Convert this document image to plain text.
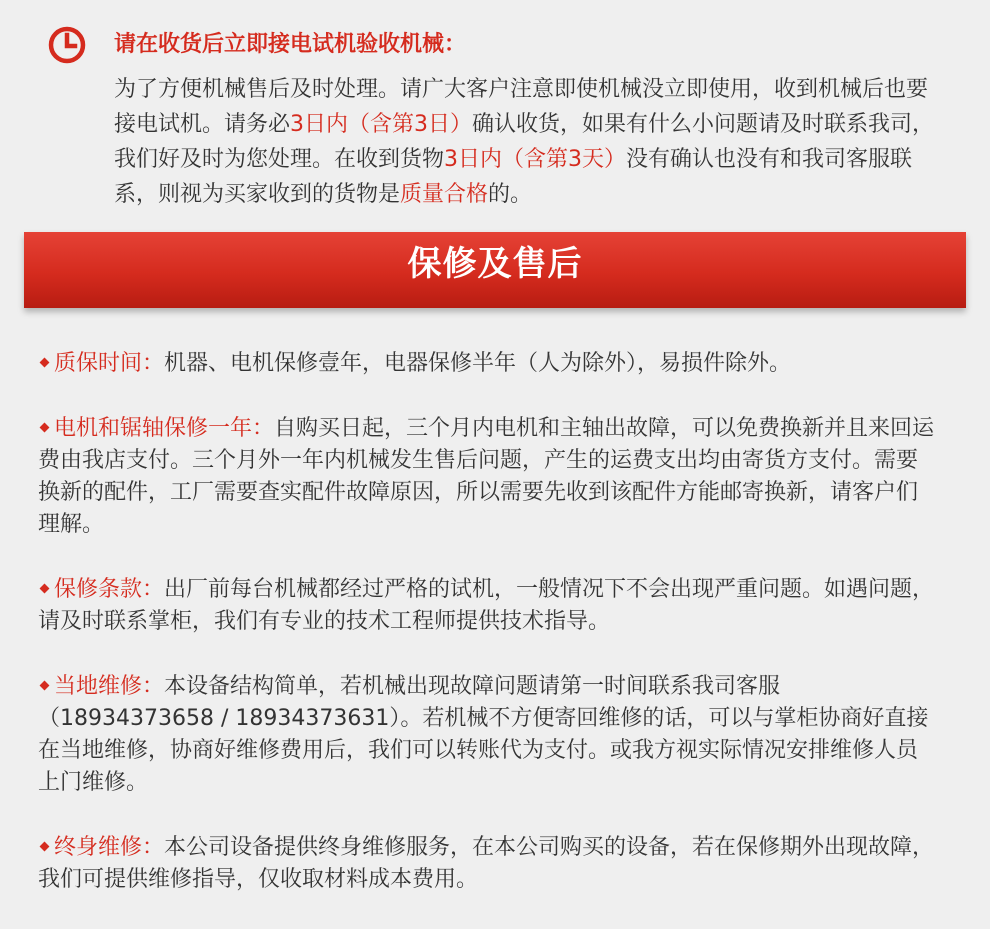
请在收货后立即接电试机验收机械：
为了方便机械售后及时处理。请广大客户注意即使机械没立即使用，收到机械后也要接电试机。请务必3日内（含第3日）确认收货，如果有什么小问题请及时联系我司，我们好及时为您处理。在收到货物3日内（含第3天）没有确认也没有和我司客服联系，则视为买家收到的货物是质量合格的。
保修及售后
质保时间：机器、电机保修壹年，电器保修半年（人为除外），易损件除外。
电机和锯轴保修一年：自购买日起，三个月内电机和主轴出故障，可以免费换新并且来回运费由我店支付。三个月外一年内机械发生售后问题，产生的运费支出均由寄货方支付。需要换新的配件，工厂需要查实配件故障原因，所以需要先收到该配件方能邮寄换新，请客户们理解。
保修条款：出厂前每台机械都经过严格的试机，一般情况下不会出现严重问题。如遇问题，请及时联系掌柜，我们有专业的技术工程师提供技术指导。
当地维修：本设备结构简单，若机械出现故障问题请第一时间联系我司客服（18934373658 / 18934373631）。若机械不方便寄回维修的话，可以与掌柜协商好直接在当地维修，协商好维修费用后，我们可以转账代为支付。或我方视实际情况安排维修人员上门维修。
终身维修：本公司设备提供终身维修服务，在本公司购买的设备，若在保修期外出现故障，我们可提供维修指导，仅收取材料成本费用。
